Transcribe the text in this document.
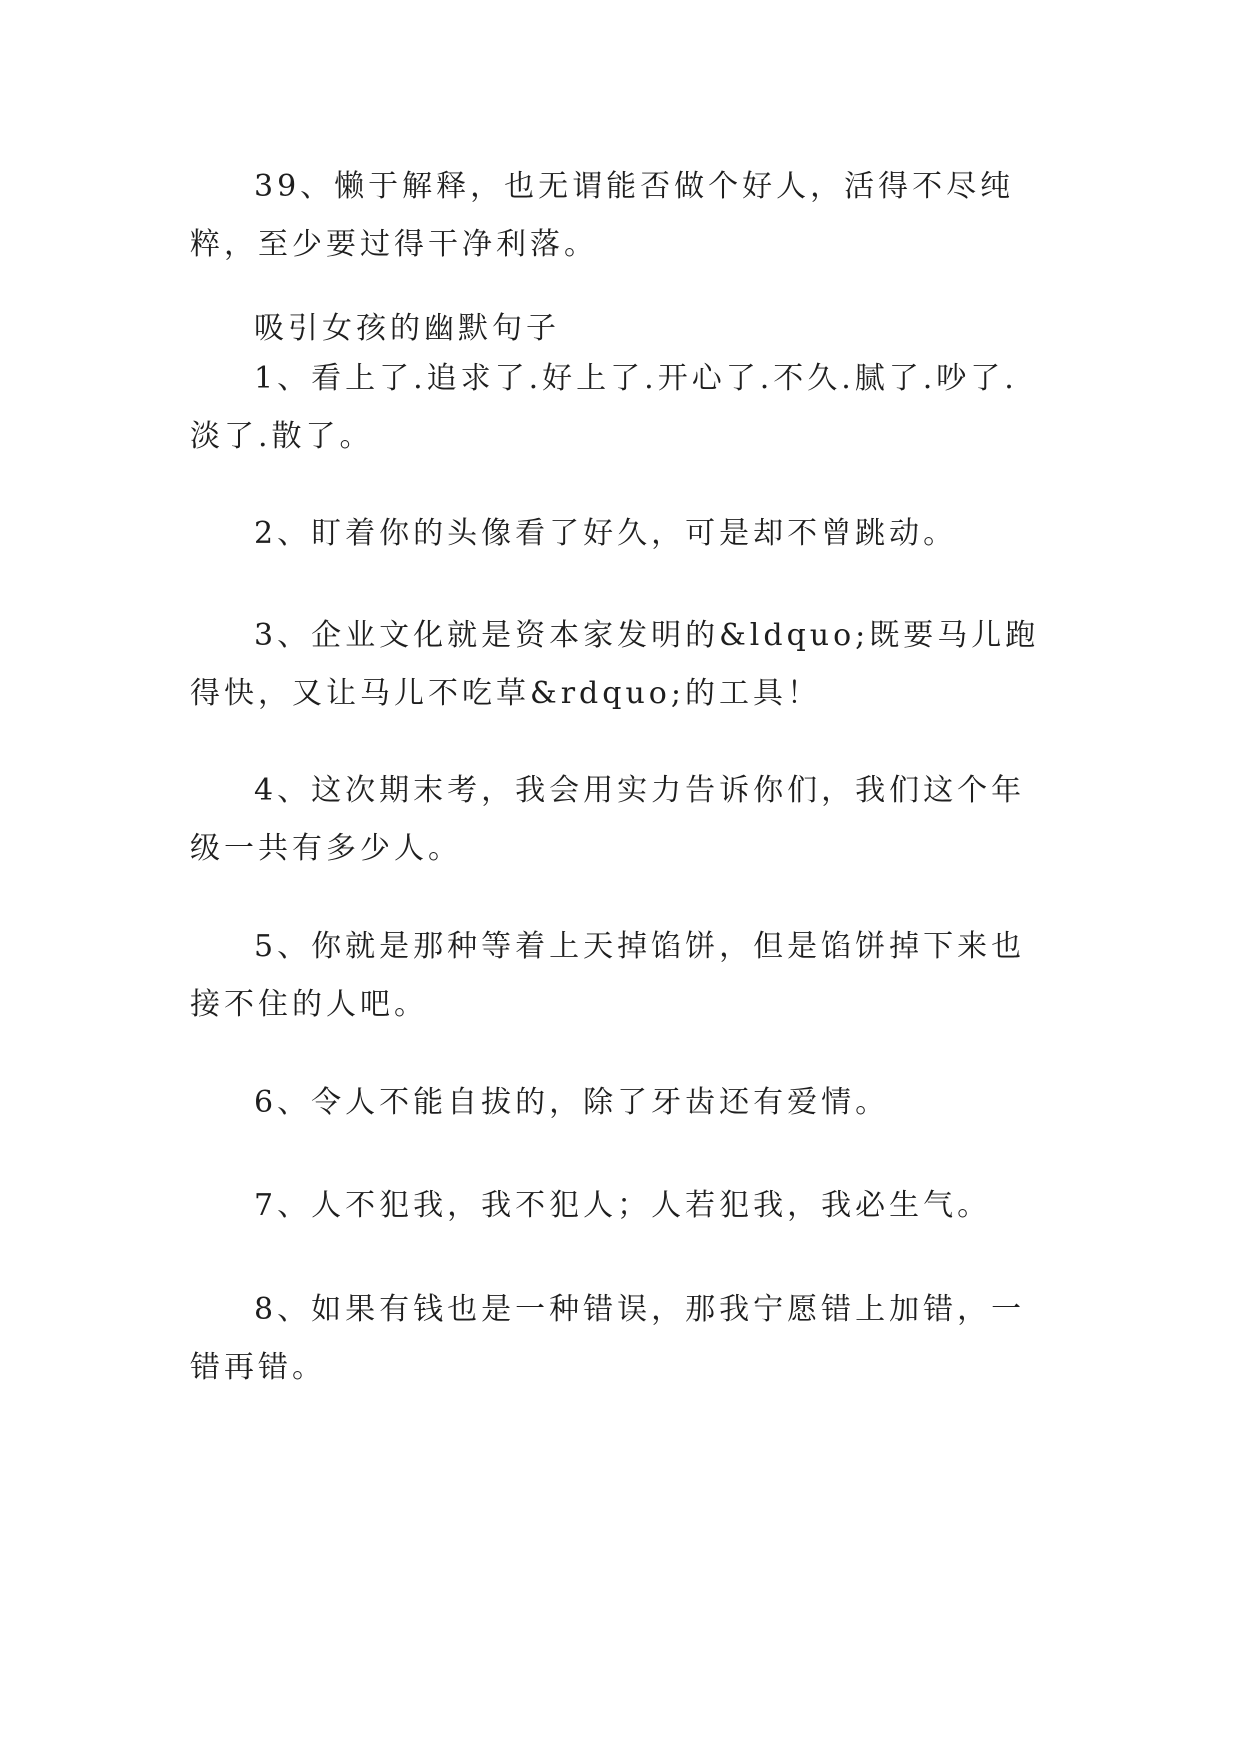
39、懒于解释，也无谓能否做个好人，活得不尽纯粹，至少要过得干净利落。
吸引女孩的幽默句子
1、看上了.追求了.好上了.开心了.不久.腻了.吵了.淡了.散了。
2、盯着你的头像看了好久，可是却不曾跳动。
3、企业文化就是资本家发明的&ldquo;既要马儿跑得快，又让马儿不吃草&rdquo;的工具！
4、这次期末考，我会用实力告诉你们，我们这个年级一共有多少人。
5、你就是那种等着上天掉馅饼，但是馅饼掉下来也接不住的人吧。
6、令人不能自拔的，除了牙齿还有爱情。
7、人不犯我，我不犯人；人若犯我，我必生气。
8、如果有钱也是一种错误，那我宁愿错上加错，一错再错。
